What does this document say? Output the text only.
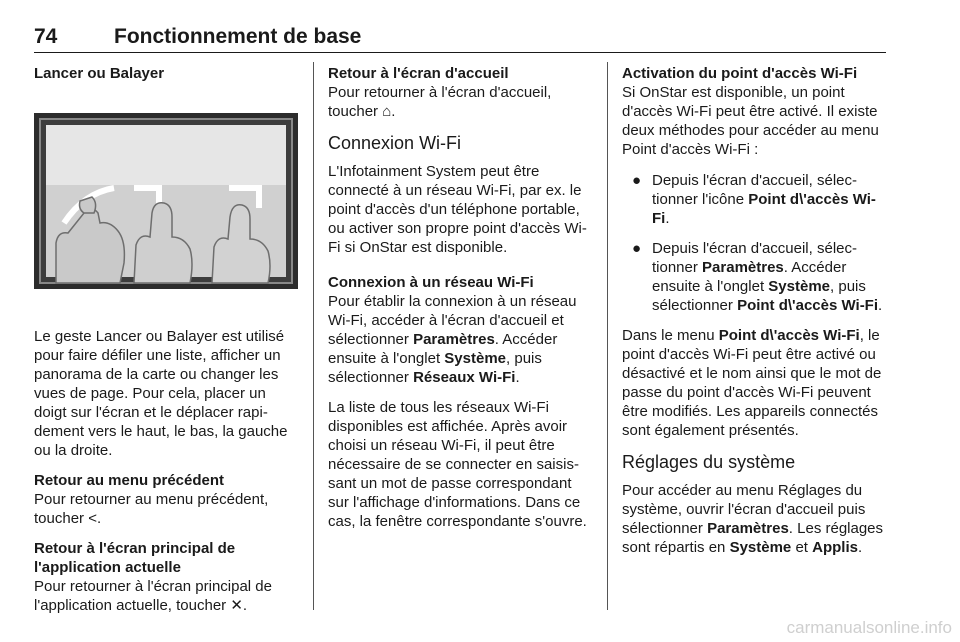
74	Fonctionnement de base
Lancer ou Balayer

Le geste Lancer ou Balayer est utilisé pour faire défiler une liste, afficher un panorama de la carte ou changer les vues de page. Pour cela, placer un doigt sur l'écran et le déplacer rapidement vers le haut, le bas, la gauche ou la droite.

Retour au menu précédent
Pour retourner au menu précédent, toucher <.
Retour à l'écran principal de l'application actuelle
Pour retourner à l'écran principal de l'application actuelle, toucher ✕.
Retour à l'écran d'accueil
Pour retourner à l'écran d'accueil, toucher ⌂.
Connexion Wi-Fi

L'Infotainment System peut être connecté à un réseau Wi-Fi, par ex. le point d'accès d'un téléphone portable, ou activer son propre point d'accès Wi-Fi si OnStar est disponible.

Connexion à un réseau Wi-Fi
Pour établir la connexion à un réseau Wi-Fi, accéder à l'écran d'accueil et sélectionner Paramètres. Accéder ensuite à l'onglet Système, puis sélectionner Réseaux Wi-Fi.

La liste de tous les réseaux Wi-Fi disponibles est affichée. Après avoir choisi un réseau Wi-Fi, il peut être nécessaire de se connecter en saisissant un mot de passe correspondant sur l'affichage d'informations. Dans ce cas, la fenêtre correspondante s'ouvre.

Activation du point d'accès Wi-Fi
Si OnStar est disponible, un point d'accès Wi-Fi peut être activé. Il existe deux méthodes pour accéder au menu Point d'accès Wi-Fi :
● Depuis l'écran d'accueil, sélectionner l'icône Point d\'accès Wi-Fi.
● Depuis l'écran d'accueil, sélectionner Paramètres. Accéder ensuite à l'onglet Système, puis sélectionner Point d\'accès Wi-Fi.

Dans le menu Point d\'accès Wi-Fi, le point d'accès Wi-Fi peut être activé ou désactivé et le nom ainsi que le mot de passe du point d'accès Wi-Fi peuvent être modifiés. Les appareils connectés sont également présentés.

Réglages du système

Pour accéder au menu Réglages du système, ouvrir l'écran d'accueil puis sélectionner Paramètres. Les réglages sont répartis en Système et Applis.

carmanualsonline.info
